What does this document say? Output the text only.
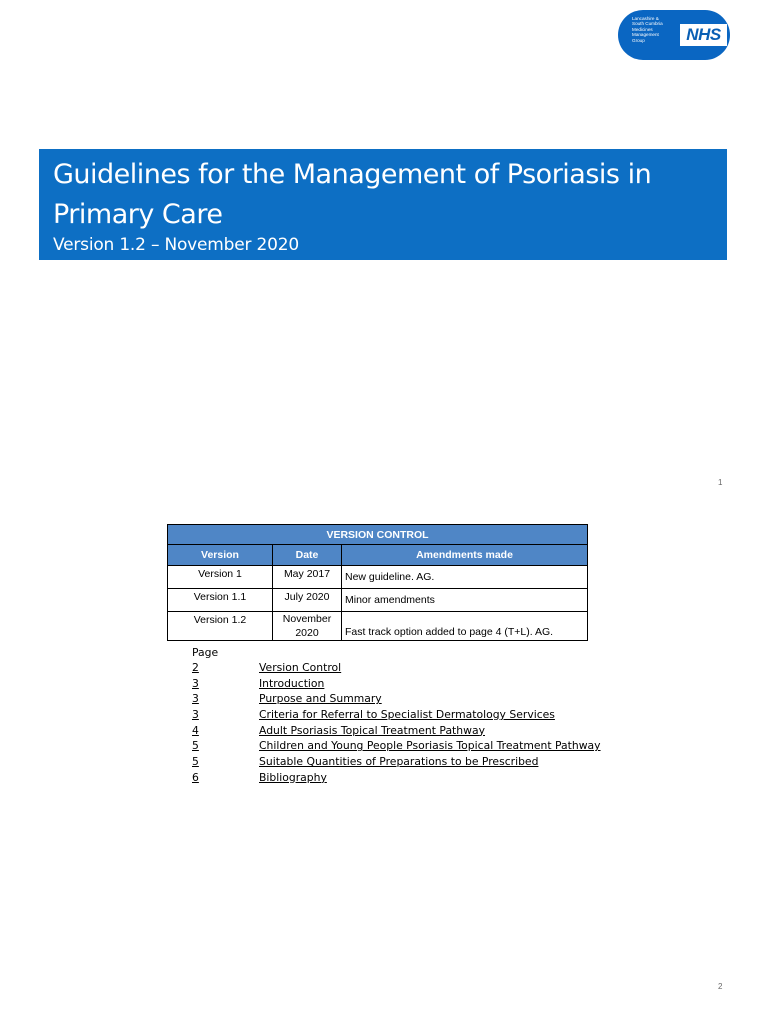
Lancashire &
South Cumbria
Medicines
Management
Group	NHS
Guidelines for the Management of Psoriasis in
Primary Care
Version 1.2 – November 2020
1
VERSION CONTROL		
Version	Date	Amendments made
Version 1	May 2017	New guideline. AG.
Version 1.1	July 2020	Minor amendments
Version 1.2	November 2020	Fast track option added to page 4 (T+L). AG.
Page
2	Version Control
3	Introduction
3	Purpose and Summary
3	Criteria for Referral to Specialist Dermatology Services
4	Adult Psoriasis Topical Treatment Pathway
5	Children and Young People Psoriasis Topical Treatment Pathway
5	Suitable Quantities of Preparations to be Prescribed
6	Bibliography
2
